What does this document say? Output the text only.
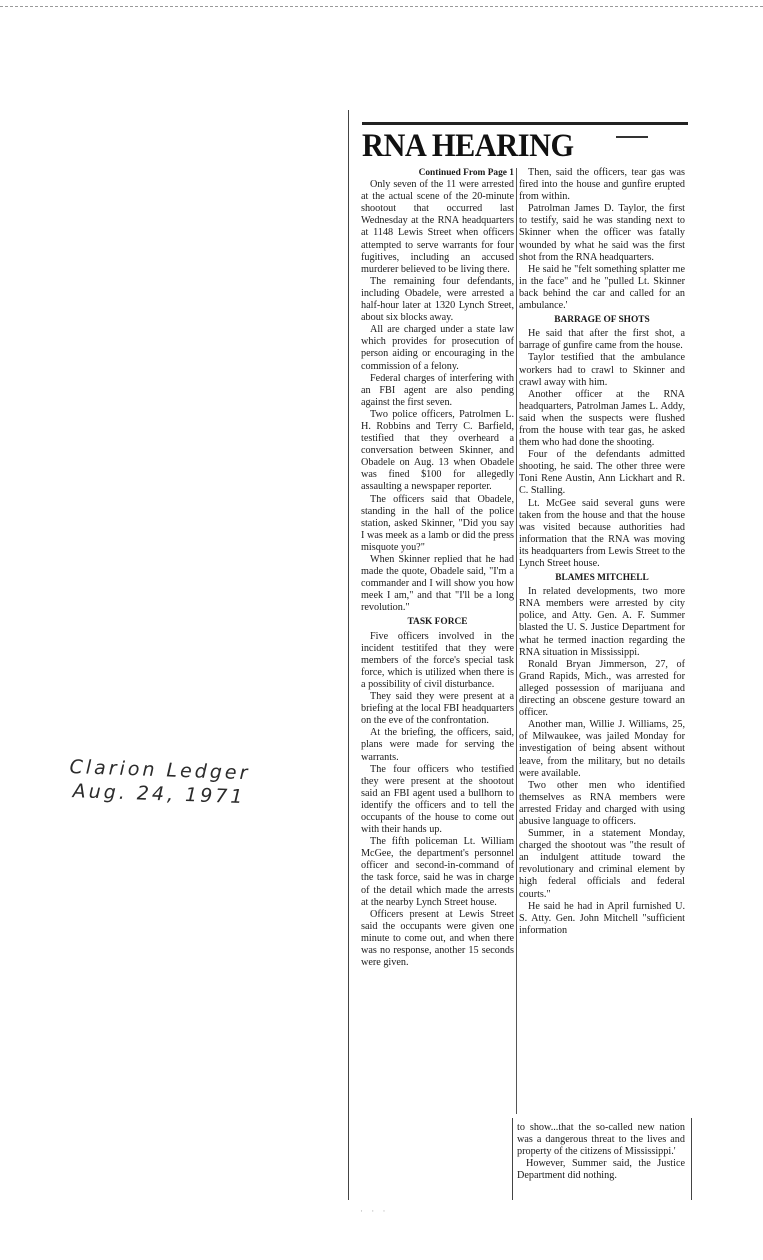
RNA HEARING

Continued From Page 1

Only seven of the 11 were arrested at the actual scene of the 20-minute shootout that occurred last Wednesday at the RNA headquarters at 1148 Lewis Street when officers attempted to serve warrants for four fugitives, including an accused murderer believed to be living there.

The remaining four defendants, including Obadele, were arrested a half-hour later at 1320 Lynch Street, about six blocks away.

All are charged under a state law which provides for prosecution of person aiding or encouraging in the commission of a felony.

Federal charges of interfering with an FBI agent are also pending against the first seven.

Two police officers, Patrolmen L. H. Robbins and Terry C. Barfield, testified that they overheard a conversation between Skinner, and Obadele on Aug. 13 when Obadele was fined $100 for allegedly assaulting a newspaper reporter.

The officers said that Obadele, standing in the hall of the police station, asked Skinner, "Did you say I was meek as a lamb or did the press misquote you?"

When Skinner replied that he had made the quote, Obadele said, "I'm a commander and I will show you how meek I am," and that "I'll be a long revolution."

TASK FORCE

Five officers involved in the incident testitifed that they were members of the force's special task force, which is utilized when there is a possibility of civil disturbance.

They said they were present at a briefing at the local FBI headquarters on the eve of the confrontation.

At the briefing, the officers, said, plans were made for serving the warrants.

The four officers who testified they were present at the shootout said an FBI agent used a bullhorn to identify the officers and to tell the occupants of the house to come out with their hands up.

The fifth policeman Lt. William McGee, the department's personnel officer and second-in-command of the task force, said he was in charge of the detail which made the arrests at the nearby Lynch Street house.

Officers present at Lewis Street said the occupants were given one minute to come out, and when there was no response, another 15 seconds were given.

Then, said the officers, tear gas was fired into the house and gunfire erupted from within.

Patrolman James D. Taylor, the first to testify, said he was standing next to Skinner when the officer was fatally wounded by what he said was the first shot from the RNA headquarters.

He said he "felt something splatter me in the face" and he "pulled Lt. Skinner back behind the car and called for an ambulance.'

BARRAGE OF SHOTS

He said that after the first shot, a barrage of gunfire came from the house.

Taylor testified that the ambulance workers had to crawl to Skinner and crawl away with him.

Another officer at the RNA headquarters, Patrolman James L. Addy, said when the suspects were flushed from the house with tear gas, he asked them who had done the shooting.

Four of the defendants admitted shooting, he said. The other three were Toni Rene Austin, Ann Lickhart and R. C. Stalling.

Lt. McGee said several guns were taken from the house and that the house was visited because authorities had information that the RNA was moving its headquarters from Lewis Street to the Lynch Street house.

BLAMES MITCHELL

In related developments, two more RNA members were arrested by city police, and Atty. Gen. A. F. Summer blasted the U. S. Justice Department for what he termed inaction regarding the RNA situation in Mississippi.

Ronald Bryan Jimmerson, 27, of Grand Rapids, Mich., was arrested for alleged possession of marijuana and directing an obscene gesture toward an officer.

Another man, Willie J. Williams, 25, of Milwaukee, was jailed Monday for investigation of being absent without leave, from the military, but no details were available.

Two other men who identified themselves as RNA members were arrested Friday and charged with using abusive language to officers.

Summer, in a statement Monday, charged the shootout was "the result of an indulgent attitude toward the revolutionary and criminal element by high federal officials and federal courts."

He said he had in April furnished U. S. Atty. Gen. John Mitchell "sufficient information

to show...that the so-called new nation was a dangerous threat to the lives and property of the citizens of Mississippi.'

However, Summer said, the Justice Department did nothing.

Clarion Ledger
Aug. 24, 1971
· · ·
